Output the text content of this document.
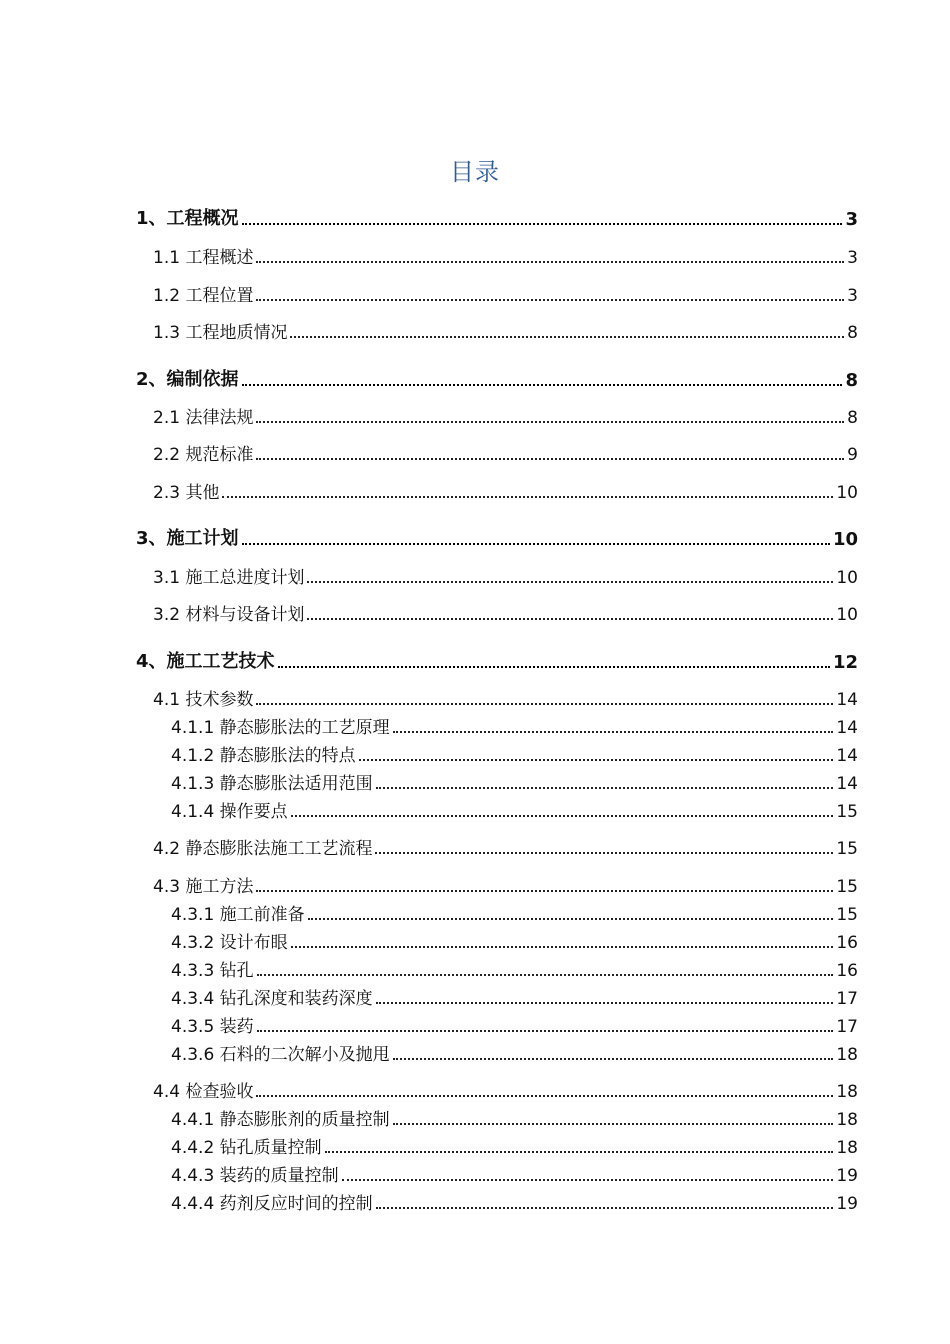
目录
1、工程概况	3
1.1 工程概述	3
1.2 工程位置	3
1.3 工程地质情况	8
2、编制依据	8
2.1 法律法规	8
2.2 规范标准	9
2.3 其他	10
3、施工计划	10
3.1 施工总进度计划	10
3.2 材料与设备计划	10
4、施工工艺技术	12
4.1 技术参数	14
4.1.1 静态膨胀法的工艺原理	14
4.1.2 静态膨胀法的特点	14
4.1.3 静态膨胀法适用范围	14
4.1.4 操作要点	15
4.2 静态膨胀法施工工艺流程	15
4.3 施工方法	15
4.3.1 施工前准备	15
4.3.2 设计布眼	16
4.3.3 钻孔	16
4.3.4 钻孔深度和装药深度	17
4.3.5 装药	17
4.3.6 石料的二次解小及抛甩	18
4.4 检查验收	18
4.4.1 静态膨胀剂的质量控制	18
4.4.2 钻孔质量控制	18
4.4.3 装药的质量控制	19
4.4.4 药剂反应时间的控制	19
